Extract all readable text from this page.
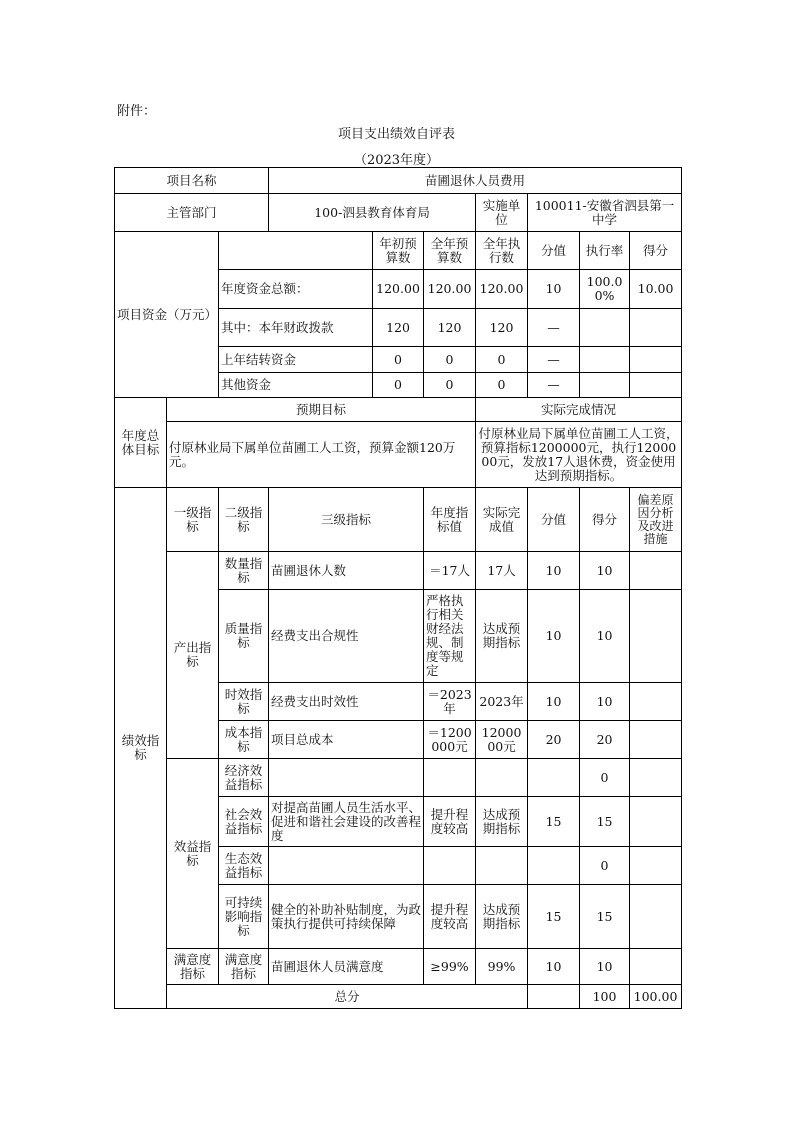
附件：
项目支出绩效自评表
（2023年度）
项目名称			苗圃退休人员费用							
主管部门			100-泗县教育体育局			实施单位	100011-安徽省泗县第一中学			
项目资金（万元）				年初预算数	全年预算数	全年执行数	分值	执行率	得分	
		年度资金总额：		120.00	120.00	120.00	10	100.00%	10.00	
		其中：本年财政拨款		120	120	120	—			
		上年结转资金		0	0	0	—			
		其他资金		0	0	0	—			
年度总体目标	预期目标					实际完成情况				
	付原林业局下属单位苗圃工人工资，预算金额120万元。					付原林业局下属单位苗圃工人工资，预算指标1200000元，执行1200000元，发放17人退休费，资金使用达到预期指标。				
绩效指标	一级指标	二级指标	三级指标		年度指标值	实际完成值	分值	得分	偏差原因分析及改进措施	
	产出指标	数量指标	苗圃退休人数		＝17人	17人	10	10		
		质量指标	经费支出合规性		严格执行相关财经法规、制度等规定	达成预期指标	10	10		
		时效指标	经费支出时效性		＝2023年	2023年	10	10		
		成本指标	项目总成本		＝1200000元	1200000元	20	20		
	效益指标	经济效益指标						0		
		社会效益指标	对提高苗圃人员生活水平、促进和谐社会建设的改善程度		提升程度较高	达成预期指标	15	15		
		生态效益指标						0		
		可持续影响指标	健全的补助补贴制度，为政策执行提供可持续保障		提升程度较高	达成预期指标	15	15		
	满意度指标	满意度指标	苗圃退休人员满意度		≥99%	99%	10	10		
	总分							100	100.00	
